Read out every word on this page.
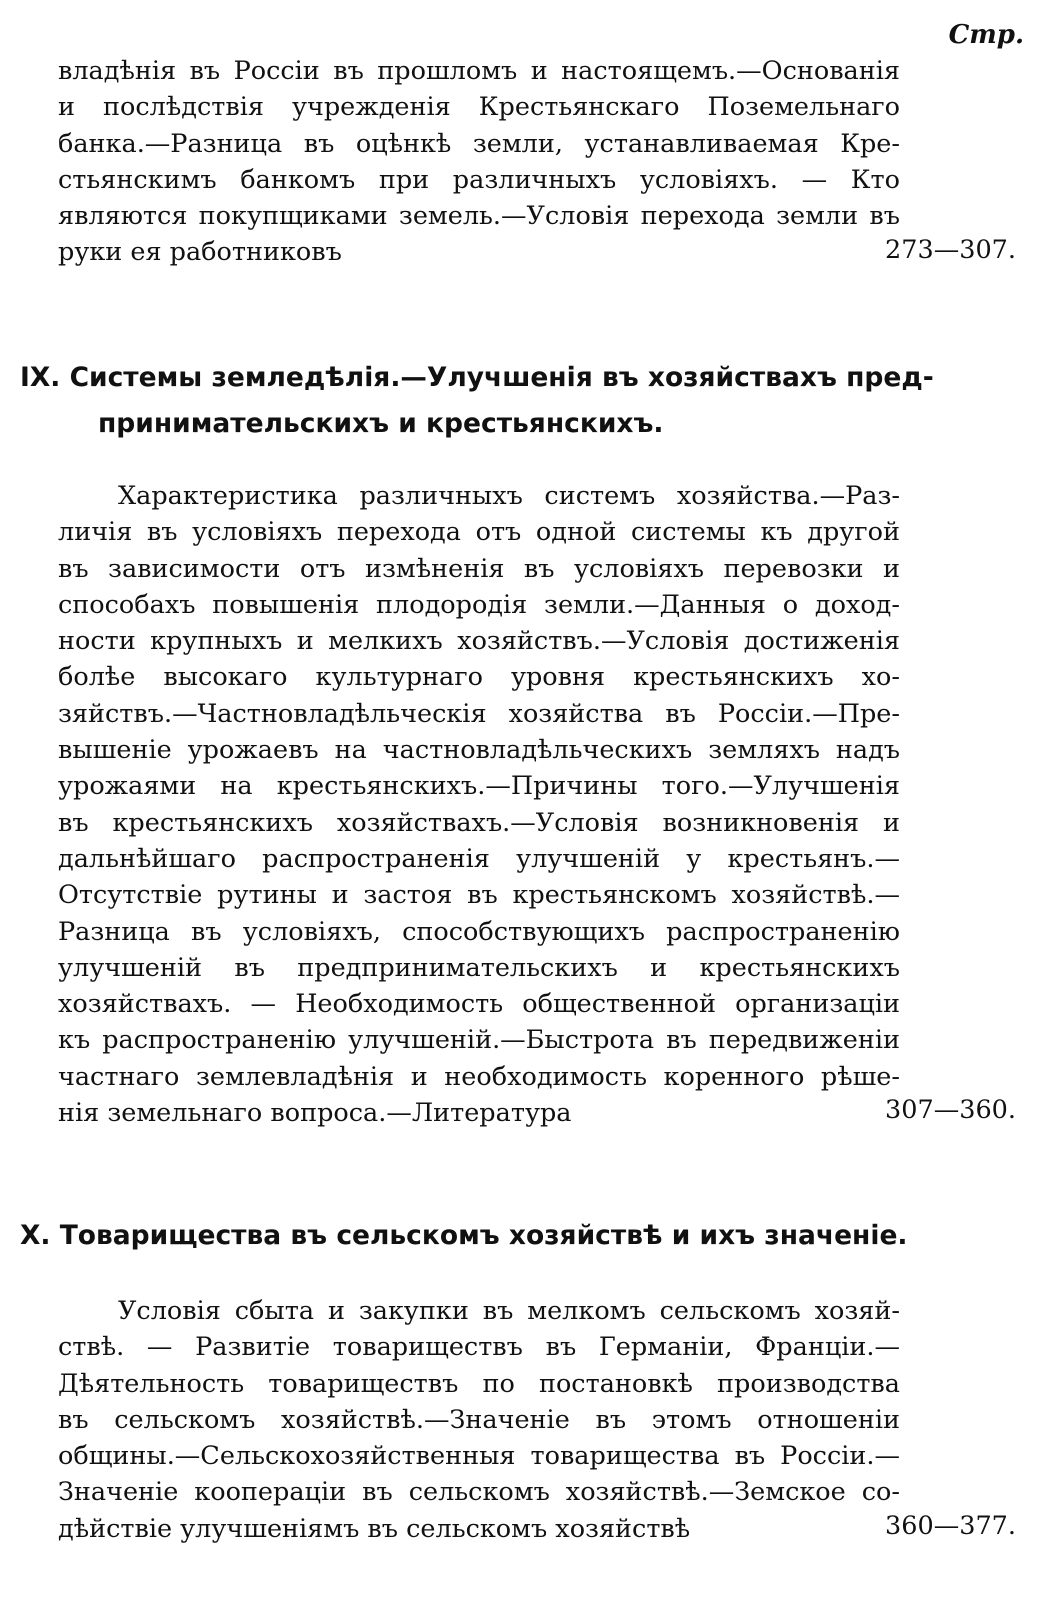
Стр.
владѣнія въ Россіи въ прошломъ и настоящемъ.—Основанія
и послѣдствія учрежденія Крестьянскаго Поземельнаго
банка.—Разница въ оцѣнкѣ земли, устанавливаемая Кре-
стьянскимъ банкомъ при различныхъ условіяхъ. — Кто
являются покупщиками земель.—Условія перехода земли въ
руки ея работниковъ	273—307.
IX. Системы земледѣлія.—Улучшенія въ хозяйствахъ пред-
принимательскихъ и крестьянскихъ.
Характеристика различныхъ системъ хозяйства.—Раз-
личія въ условіяхъ перехода отъ одной системы къ другой
въ зависимости отъ измѣненія въ условіяхъ перевозки и
способахъ повышенія плодородія земли.—Данныя о доход-
ности крупныхъ и мелкихъ хозяйствъ.—Условія достиженія
болѣе высокаго культурнаго уровня крестьянскихъ хо-
зяйствъ.—Частновладѣльческія хозяйства въ Россіи.—Пре-
вышеніе урожаевъ на частновладѣльческихъ земляхъ надъ
урожаями на крестьянскихъ.—Причины того.—Улучшенія
въ крестьянскихъ хозяйствахъ.—Условія возникновенія и
дальнѣйшаго распространенія улучшеній у крестьянъ.—
Отсутствіе рутины и застоя въ крестьянскомъ хозяйствѣ.—
Разница въ условіяхъ, способствующихъ распространенію
улучшеній въ предпринимательскихъ и крестьянскихъ
хозяйствахъ. — Необходимость общественной организаціи
къ распространенію улучшеній.—Быстрота въ передвиженіи
частнаго землевладѣнія и необходимость коренного рѣше-
нія земельнаго вопроса.—Литература	307—360.
X. Товарищества въ сельскомъ хозяйствѣ и ихъ значеніе.
Условія сбыта и закупки въ мелкомъ сельскомъ хозяй-
ствѣ. — Развитіе товариществъ въ Германіи, Франціи.—
Дѣятельность товариществъ по постановкѣ производства
въ сельскомъ хозяйствѣ.—Значеніе въ этомъ отношеніи
общины.—Сельскохозяйственныя товарищества въ Россіи.—
Значеніе коопераціи въ сельскомъ хозяйствѣ.—Земское со-
дѣйствіе улучшеніямъ въ сельскомъ хозяйствѣ	360—377.
